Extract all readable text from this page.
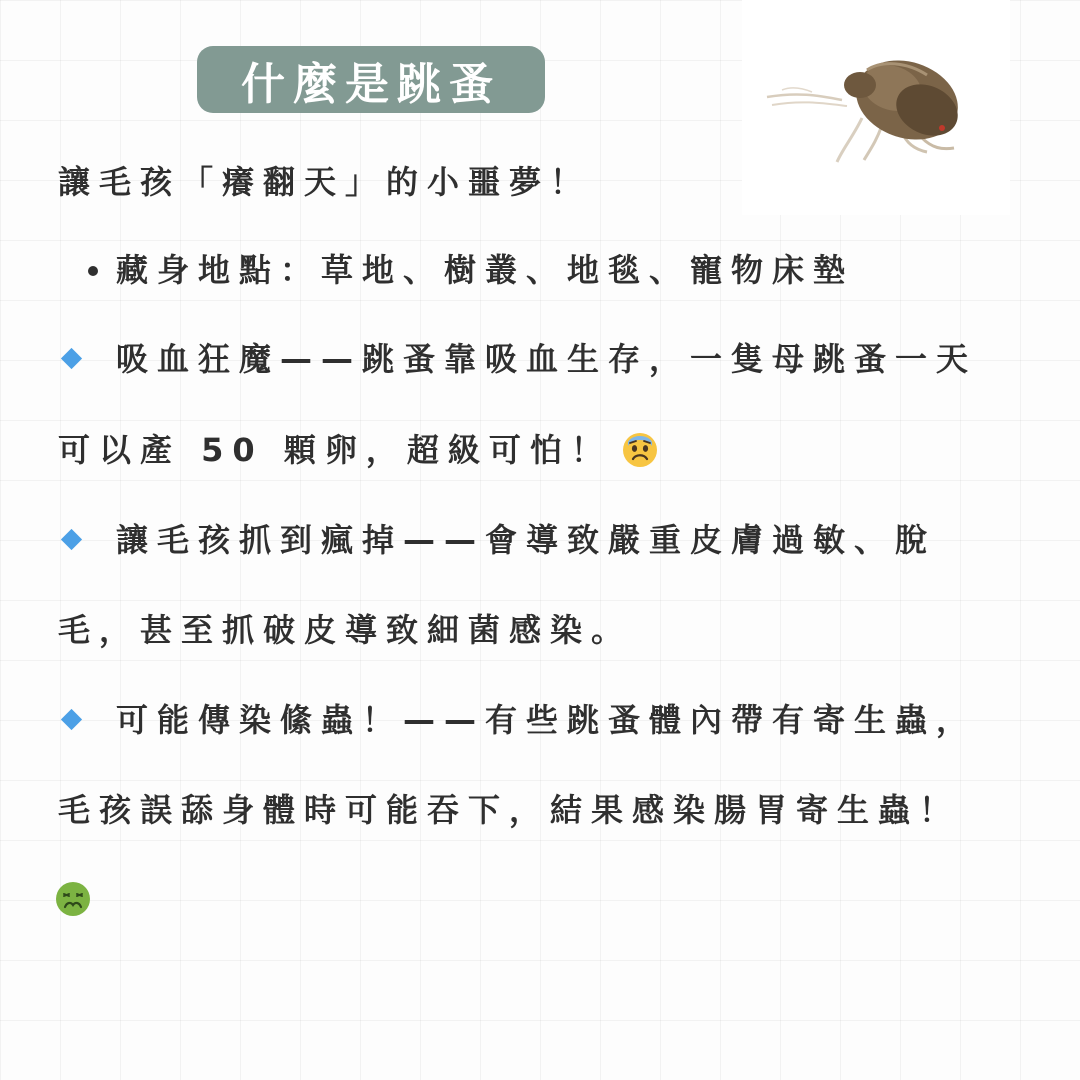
什麼是跳蚤
讓毛孩「癢翻天」的小噩夢！
藏身地點：草地、樹叢、地毯、寵物床墊
吸血狂魔——跳蚤靠吸血生存，一隻母跳蚤一天
可以產 50 顆卵，超級可怕！
讓毛孩抓到瘋掉——會導致嚴重皮膚過敏、脫
毛，甚至抓破皮導致細菌感染。
可能傳染絛蟲！——有些跳蚤體內帶有寄生蟲，
毛孩誤舔身體時可能吞下，結果感染腸胃寄生蟲！
